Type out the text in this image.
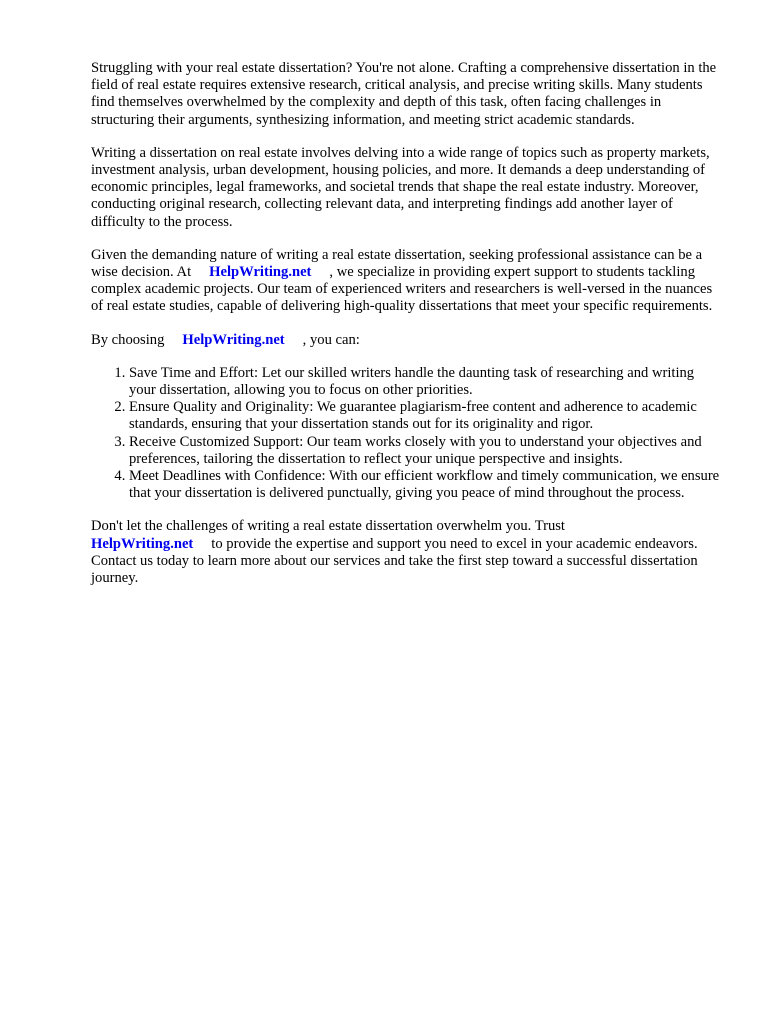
Struggling with your real estate dissertation? You're not alone. Crafting a comprehensive dissertation in the field of real estate requires extensive research, critical analysis, and precise writing skills. Many students find themselves overwhelmed by the complexity and depth of this task, often facing challenges in structuring their arguments, synthesizing information, and meeting strict academic standards.

Writing a dissertation on real estate involves delving into a wide range of topics such as property markets, investment analysis, urban development, housing policies, and more. It demands a deep understanding of economic principles, legal frameworks, and societal trends that shape the real estate industry. Moreover, conducting original research, collecting relevant data, and interpreting findings add another layer of difficulty to the process.

Given the demanding nature of writing a real estate dissertation, seeking professional assistance can be a wise decision. At HelpWriting.net , we specialize in providing expert support to students tackling complex academic projects. Our team of experienced writers and researchers is well-versed in the nuances of real estate studies, capable of delivering high-quality dissertations that meet your specific requirements.

By choosing HelpWriting.net , you can:

1. Save Time and Effort: Let our skilled writers handle the daunting task of researching and writing your dissertation, allowing you to focus on other priorities.
2. Ensure Quality and Originality: We guarantee plagiarism-free content and adherence to academic standards, ensuring that your dissertation stands out for its originality and rigor.
3. Receive Customized Support: Our team works closely with you to understand your objectives and preferences, tailoring the dissertation to reflect your unique perspective and insights.
4. Meet Deadlines with Confidence: With our efficient workflow and timely communication, we ensure that your dissertation is delivered punctually, giving you peace of mind throughout the process.

Don't let the challenges of writing a real estate dissertation overwhelm you. Trust
HelpWriting.net to provide the expertise and support you need to excel in your academic endeavors. Contact us today to learn more about our services and take the first step toward a successful dissertation journey.
